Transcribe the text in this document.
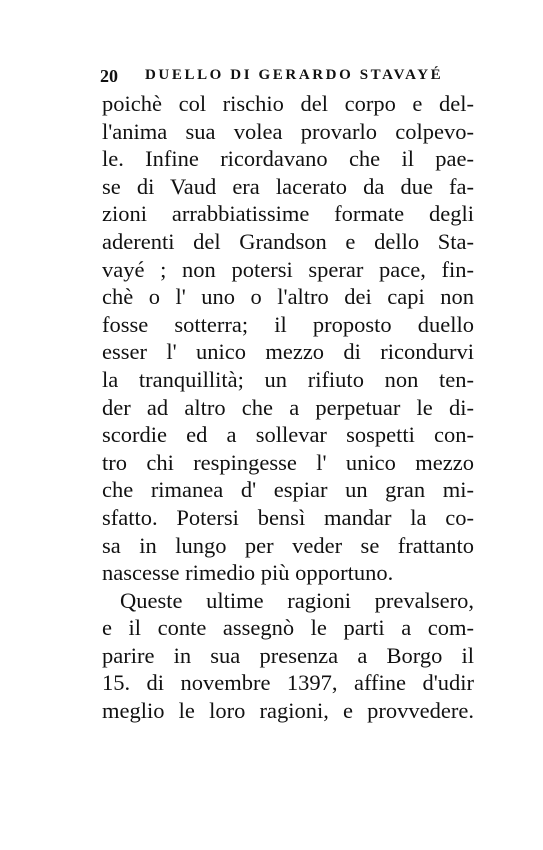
20 DUELLO DI GERARDO STAVAYÉ
poichè col rischio del corpo e del-
l'anima sua volea provarlo colpevo-
le. Infine ricordavano che il pae-
se di Vaud era lacerato da due fa-
zioni arrabbiatissime formate degli
aderenti del Grandson e dello Sta-
vayé ; non potersi sperar pace, fin-
chè o l' uno o l'altro dei capi non
fosse sotterra; il proposto duello
esser l' unico mezzo di ricondurvi
la tranquillità; un rifiuto non ten-
der ad altro che a perpetuar le di-
scordie ed a sollevar sospetti con-
tro chi respingesse l' unico mezzo
che rimanea d' espiar un gran mi-
sfatto. Potersi bensì mandar la co-
sa in lungo per veder se frattanto
nascesse rimedio più opportuno.
Queste ultime ragioni prevalsero,
e il conte assegnò le parti a com-
parire in sua presenza a Borgo il
15. di novembre 1397, affine d'udir
meglio le loro ragioni, e provvedere.
